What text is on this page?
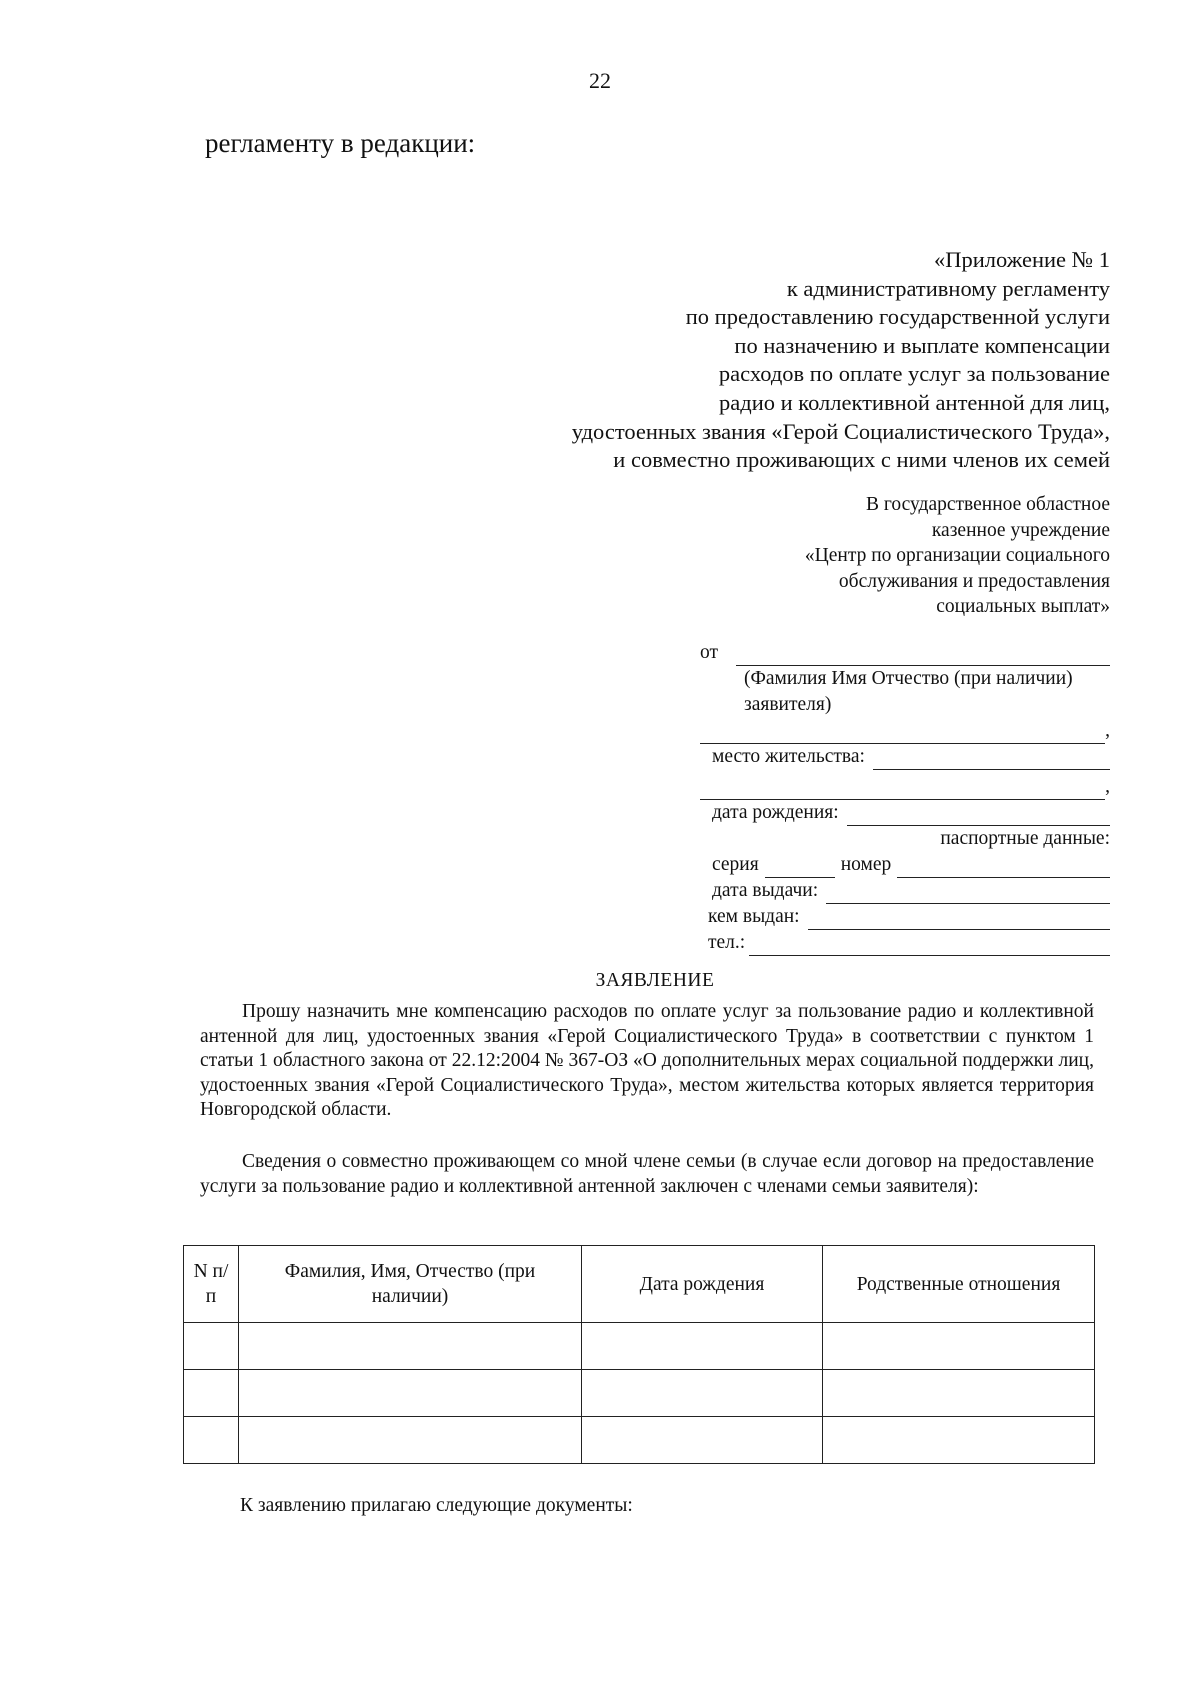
22
регламенту в редакции:
«Приложение № 1
к административному регламенту
по предоставлению государственной услуги
по назначению и выплате компенсации
расходов по оплате услуг за пользование
радио и коллективной антенной для лиц,
удостоенных звания «Герой Социалистического Труда»,
и совместно проживающих с ними членов их семей
В государственное областное
казенное учреждение
«Центр по организации социального
обслуживания и предоставления
социальных выплат»
от
(Фамилия Имя Отчество (при наличии) заявителя)
,
место жительства:
,
дата рождения:
паспортные данные:
серия	номер
дата выдачи:
кем выдан:
тел.:
ЗАЯВЛЕНИЕ

Прошу назначить мне компенсацию расходов по оплате услуг за пользование радио и коллективной антенной для лиц, удостоенных звания «Герой Социалистического Труда» в соответствии с пунктом 1 статьи 1 областного закона от 22.12:2004 № 367-ОЗ «О дополнительных мерах социальной поддержки лиц, удостоенных звания «Герой Социалистического Труда», местом жительства которых является территория Новгородской области.

Сведения о совместно проживающем со мной члене семьи (в случае если договор на предоставление услуги за пользование радио и коллективной антенной заключен с членами семьи заявителя):

N п/п	Фамилия, Имя, Отчество (при наличии)	Дата рождения	Родственные отношения

К заявлению прилагаю следующие документы:
